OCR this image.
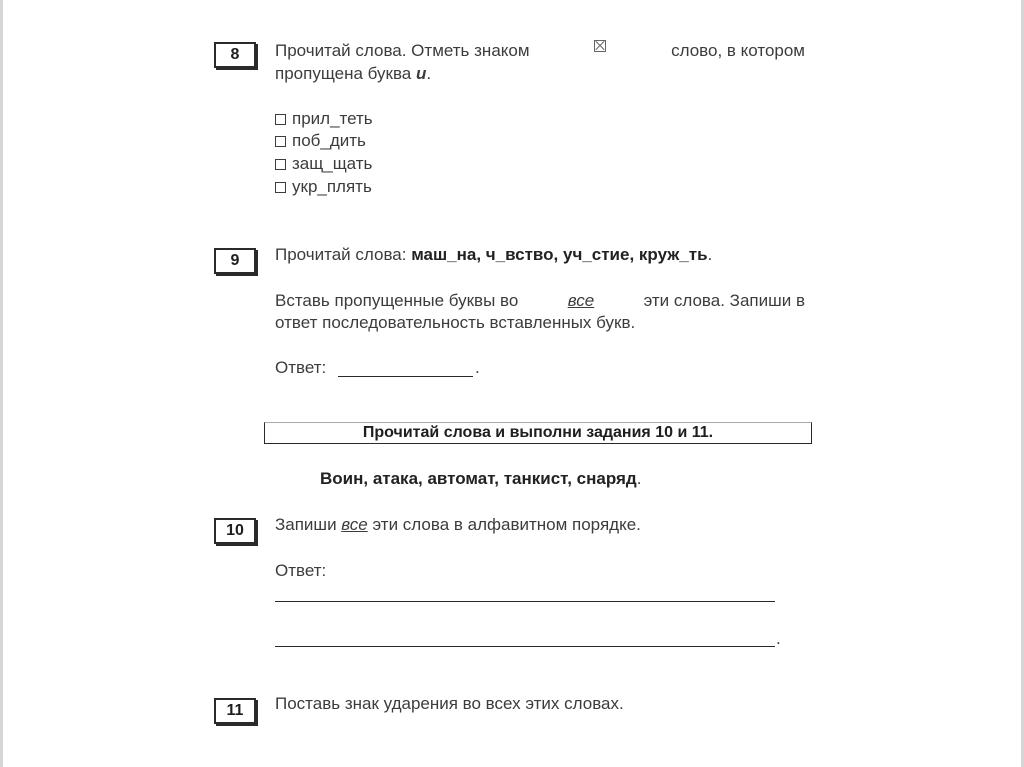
8 Прочитай слова. Отметь знаком	слово, в котором
пропущена буква и.
прил_теть
поб_дить
защ_щать
укр_плять
9 Прочитай слова: маш_на, ч_вство, уч_стие, круж_ть.
Вставь пропущенные буквы во	все	эти слова. Запиши в
ответ последовательность вставленных букв.
Ответ:	.
Прочитай слова и выполни задания 10 и 11.
Воин, атака, автомат, танкист, снаряд.
10 Запиши все эти слова в алфавитном порядке.
Ответ:
.
11 Поставь знак ударения во всех этих словах.
